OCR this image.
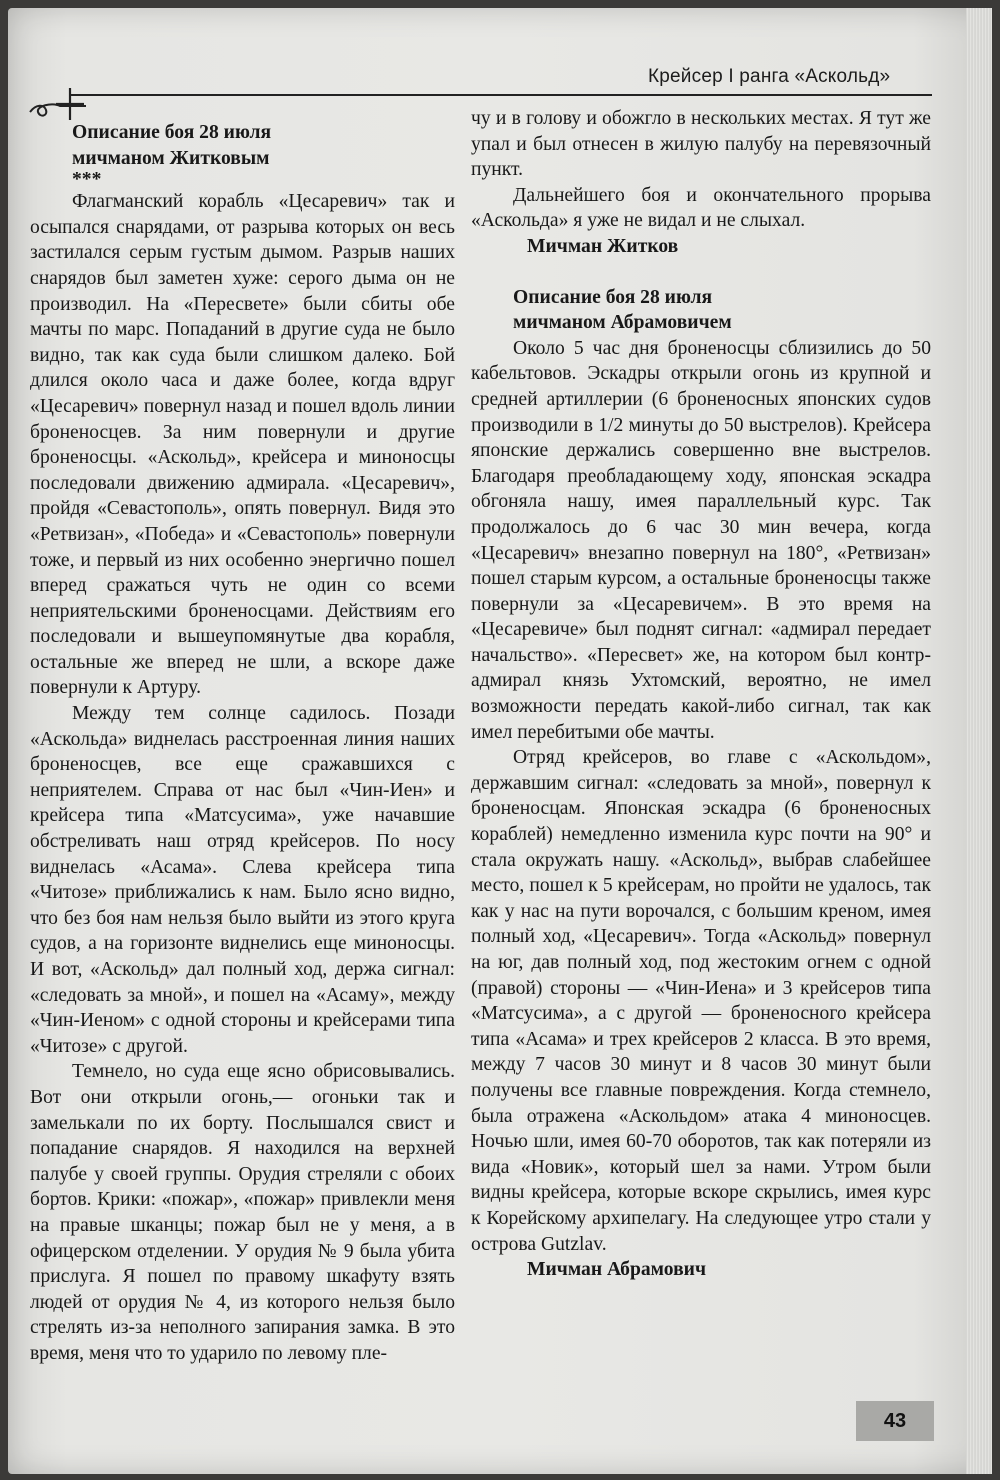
Крейсер I ранга «Аскольд»
Описание боя 28 июля
мичманом Житковым
***

Флагманский корабль «Цесаревич» так и осыпался снарядами, от разрыва которых он весь застилался серым густым дымом. Разрыв наших снарядов был заметен хуже: серого дыма он не производил. На «Пересвете» были сбиты обе мачты по марс. Попаданий в другие суда не было видно, так как суда были слишком далеко. Бой длился около часа и даже более, когда вдруг «Цесаревич» повернул назад и пошел вдоль линии броненосцев. За ним повернули и другие броненосцы. «Аскольд», крейсера и миноносцы последовали движению адмирала. «Цесаревич», пройдя «Севастополь», опять повернул. Видя это «Ретвизан», «Победа» и «Севастополь» повернули тоже, и первый из них особенно энергично пошел вперед сражаться чуть не один со всеми неприятельскими броненосцами. Действиям его последовали и вышеупомянутые два корабля, остальные же вперед не шли, а вскоре даже повернули к Артуру.

Между тем солнце садилось. Позади «Аскольда» виднелась расстроенная линия наших броненосцев, все еще сражавшихся с неприятелем. Справа от нас был «Чин-Иен» и крейсера типа «Матсусима», уже начавшие обстреливать наш отряд крейсеров. По носу виднелась «Асама». Слева крейсера типа «Читозе» приближались к нам. Было ясно видно, что без боя нам нельзя было выйти из этого круга судов, а на горизонте виднелись еще миноносцы. И вот, «Аскольд» дал полный ход, держа сигнал: «следовать за мной», и пошел на «Асаму», между «Чин-Иеном» с одной стороны и крейсерами типа «Читозе» с другой.

Темнело, но суда еще ясно обрисовывались. Вот они открыли огонь,— огоньки так и замелькали по их борту. Послышался свист и попадание снарядов. Я находился на верхней палубе у своей группы. Орудия стреляли с обоих бортов. Крики: «пожар», «пожар» привлекли меня на правые шканцы; пожар был не у меня, а в офицерском отделении. У орудия № 9 была убита прислуга. Я пошел по правому шкафуту взять людей от орудия № 4, из которого нельзя было стрелять из-за неполного запирания замка. В это время, меня что то ударило по левому пле-

чу и в голову и обожгло в нескольких местах. Я тут же упал и был отнесен в жилую палубу на перевязочный пункт.

Дальнейшего боя и окончательного прорыва «Аскольда» я уже не видал и не слыхал.

Мичман Житков
Описание боя 28 июля
мичманом Абрамовичем

Около 5 час дня броненосцы сблизились до 50 кабельтовов. Эскадры открыли огонь из крупной и средней артиллерии (6 броненосных японских судов производили в 1/2 минуты до 50 выстрелов). Крейсера японские держались совершенно вне выстрелов. Благодаря преобладающему ходу, японская эскадра обгоняла нашу, имея параллельный курс. Так продолжалось до 6 час 30 мин вечера, когда «Цесаревич» внезапно повернул на 180°, «Ретвизан» пошел старым курсом, а остальные броненосцы также повернули за «Цесаревичем». В это время на «Цесаревиче» был поднят сигнал: «адмирал передает начальство». «Пересвет» же, на котором был контр-адмирал князь Ухтомский, вероятно, не имел возможности передать какой-либо сигнал, так как имел перебитыми обе мачты.

Отряд крейсеров, во главе с «Аскольдом», державшим сигнал: «следовать за мной», повернул к броненосцам. Японская эскадра (6 броненосных кораблей) немедленно изменила курс почти на 90° и стала окружать нашу. «Аскольд», выбрав слабейшее место, пошел к 5 крейсерам, но пройти не удалось, так как у нас на пути ворочался, с большим креном, имея полный ход, «Цесаревич». Тогда «Аскольд» повернул на юг, дав полный ход, под жестоким огнем с одной (правой) стороны — «Чин-Иена» и 3 крейсеров типа «Матсусима», а с другой — броненосного крейсера типа «Асама» и трех крейсеров 2 класса. В это время, между 7 часов 30 минут и 8 часов 30 минут были получены все главные повреждения. Когда стемнело, была отражена «Аскольдом» атака 4 миноносцев. Ночью шли, имея 60-70 оборотов, так как потеряли из вида «Новик», который шел за нами. Утром были видны крейсера, которые вскоре скрылись, имея курс к Корейскому архипелагу. На следующее утро стали у острова Gutzlav.

Мичман Абрамович
43
